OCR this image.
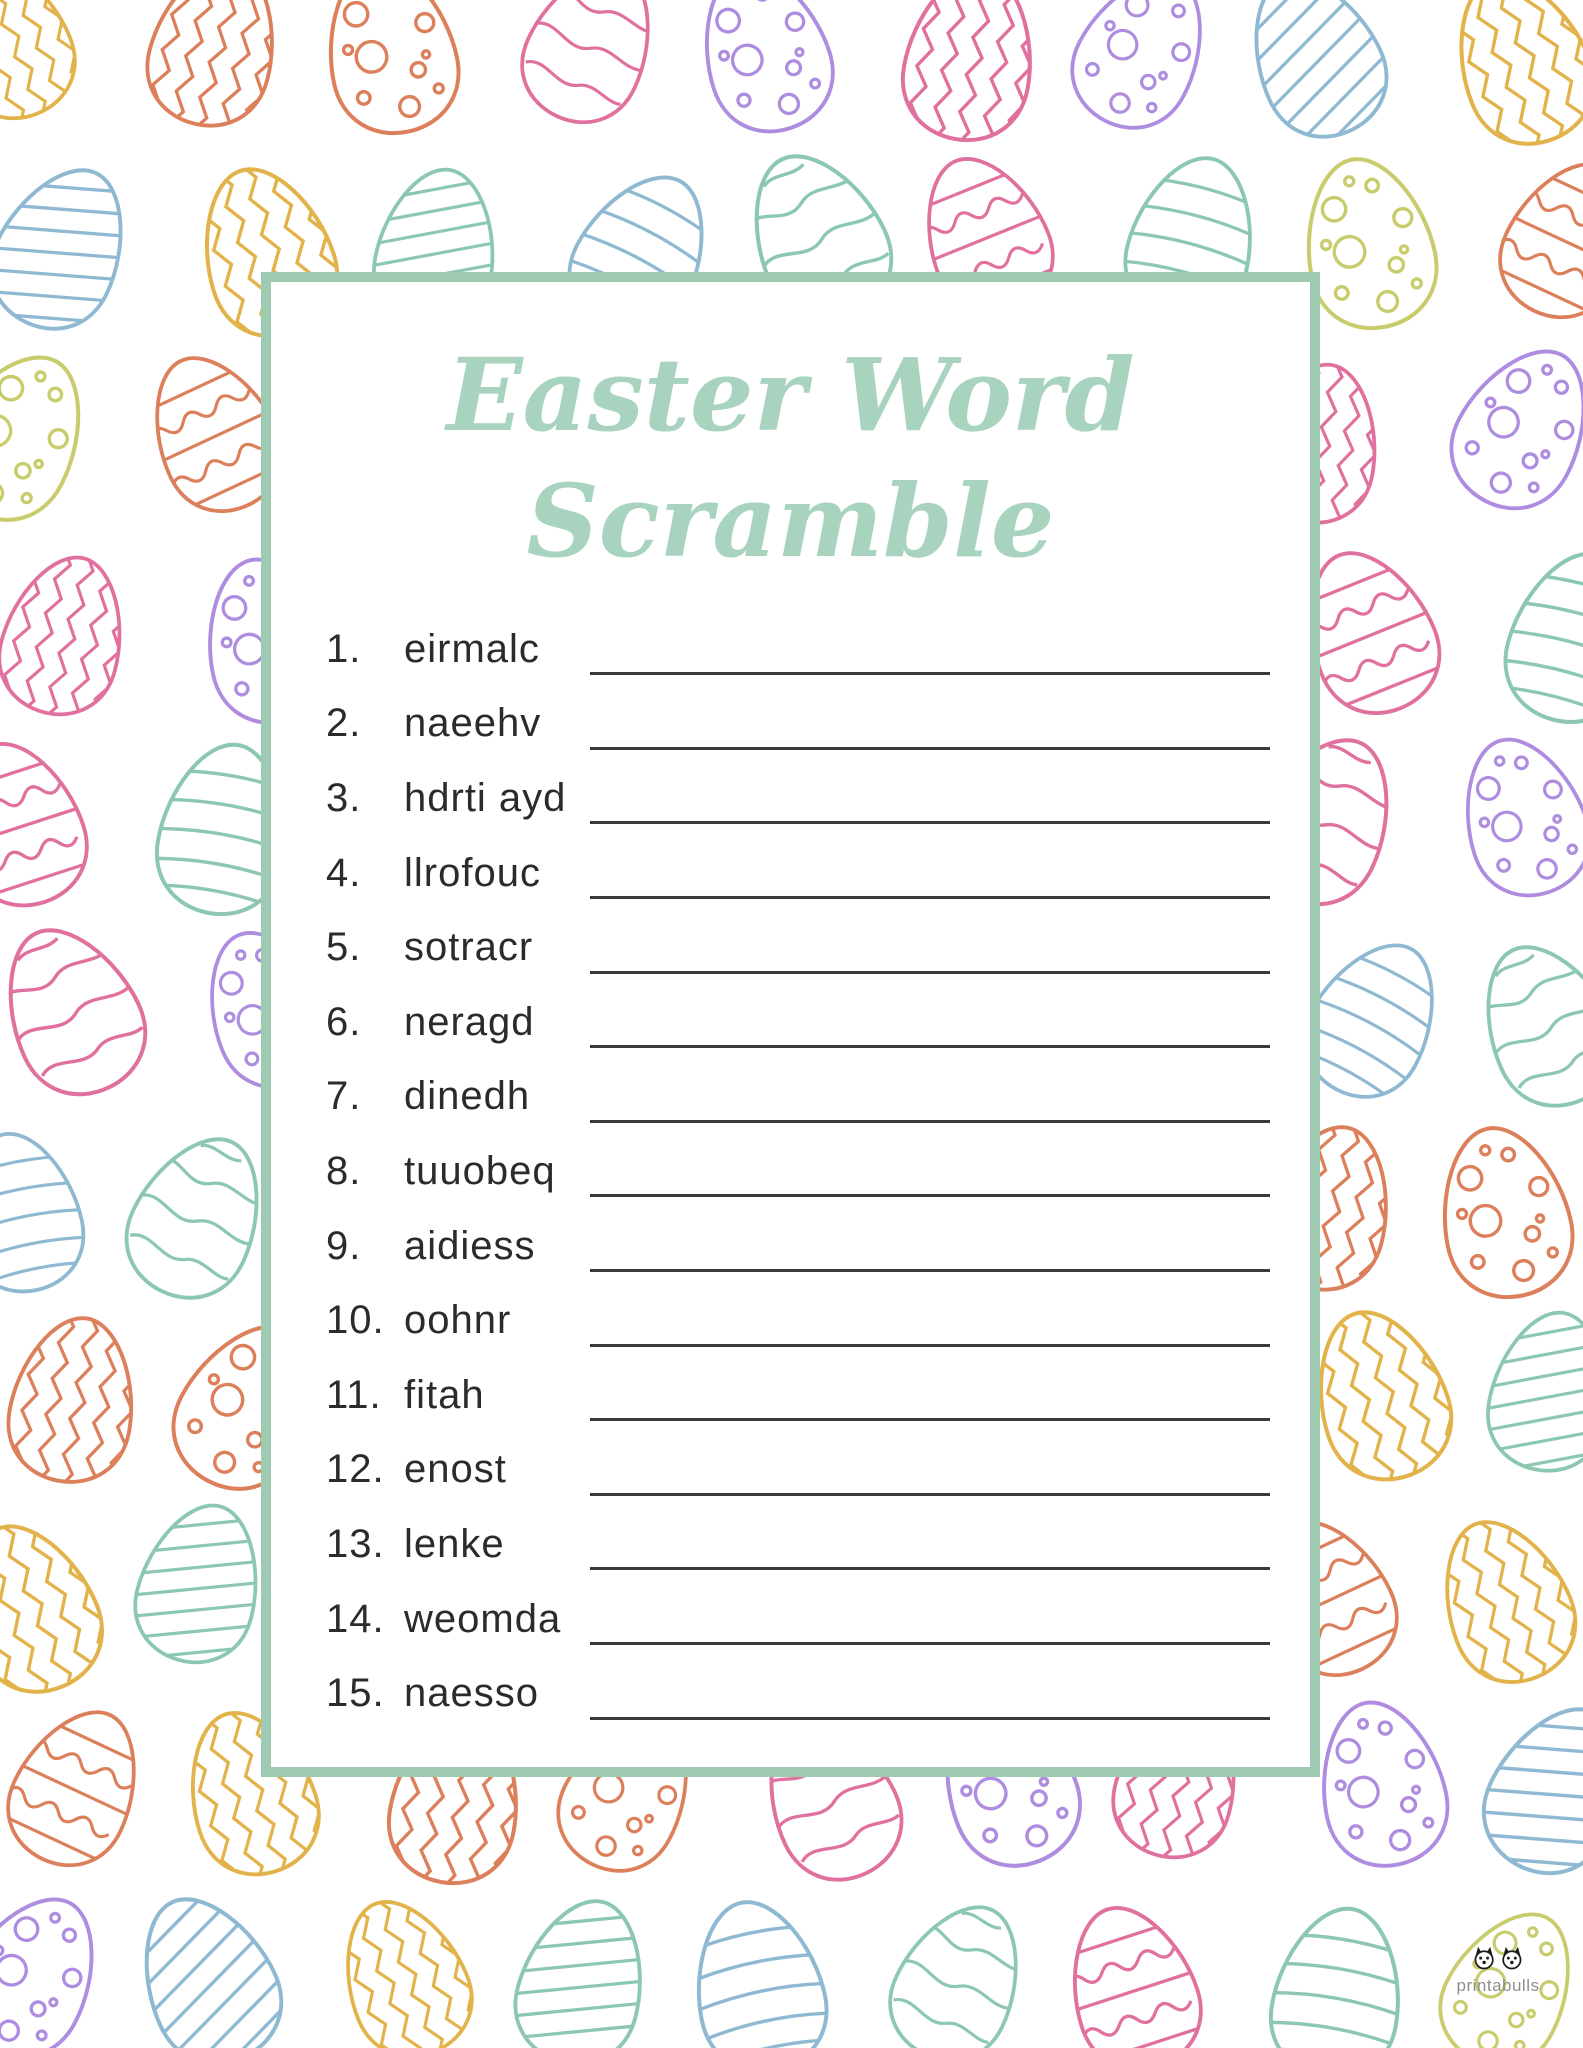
Easter Word
Scramble
1.	eirmalc
2.	naeehv
3.	hdrti ayd
4.	llrofouc
5.	sotracr
6.	neragd
7.	dinedh
8.	tuuobeq
9.	aidiess
10. oohnr
11. fitah
12. enost
13. lenke
14. weomda
15. naesso
printabulls
